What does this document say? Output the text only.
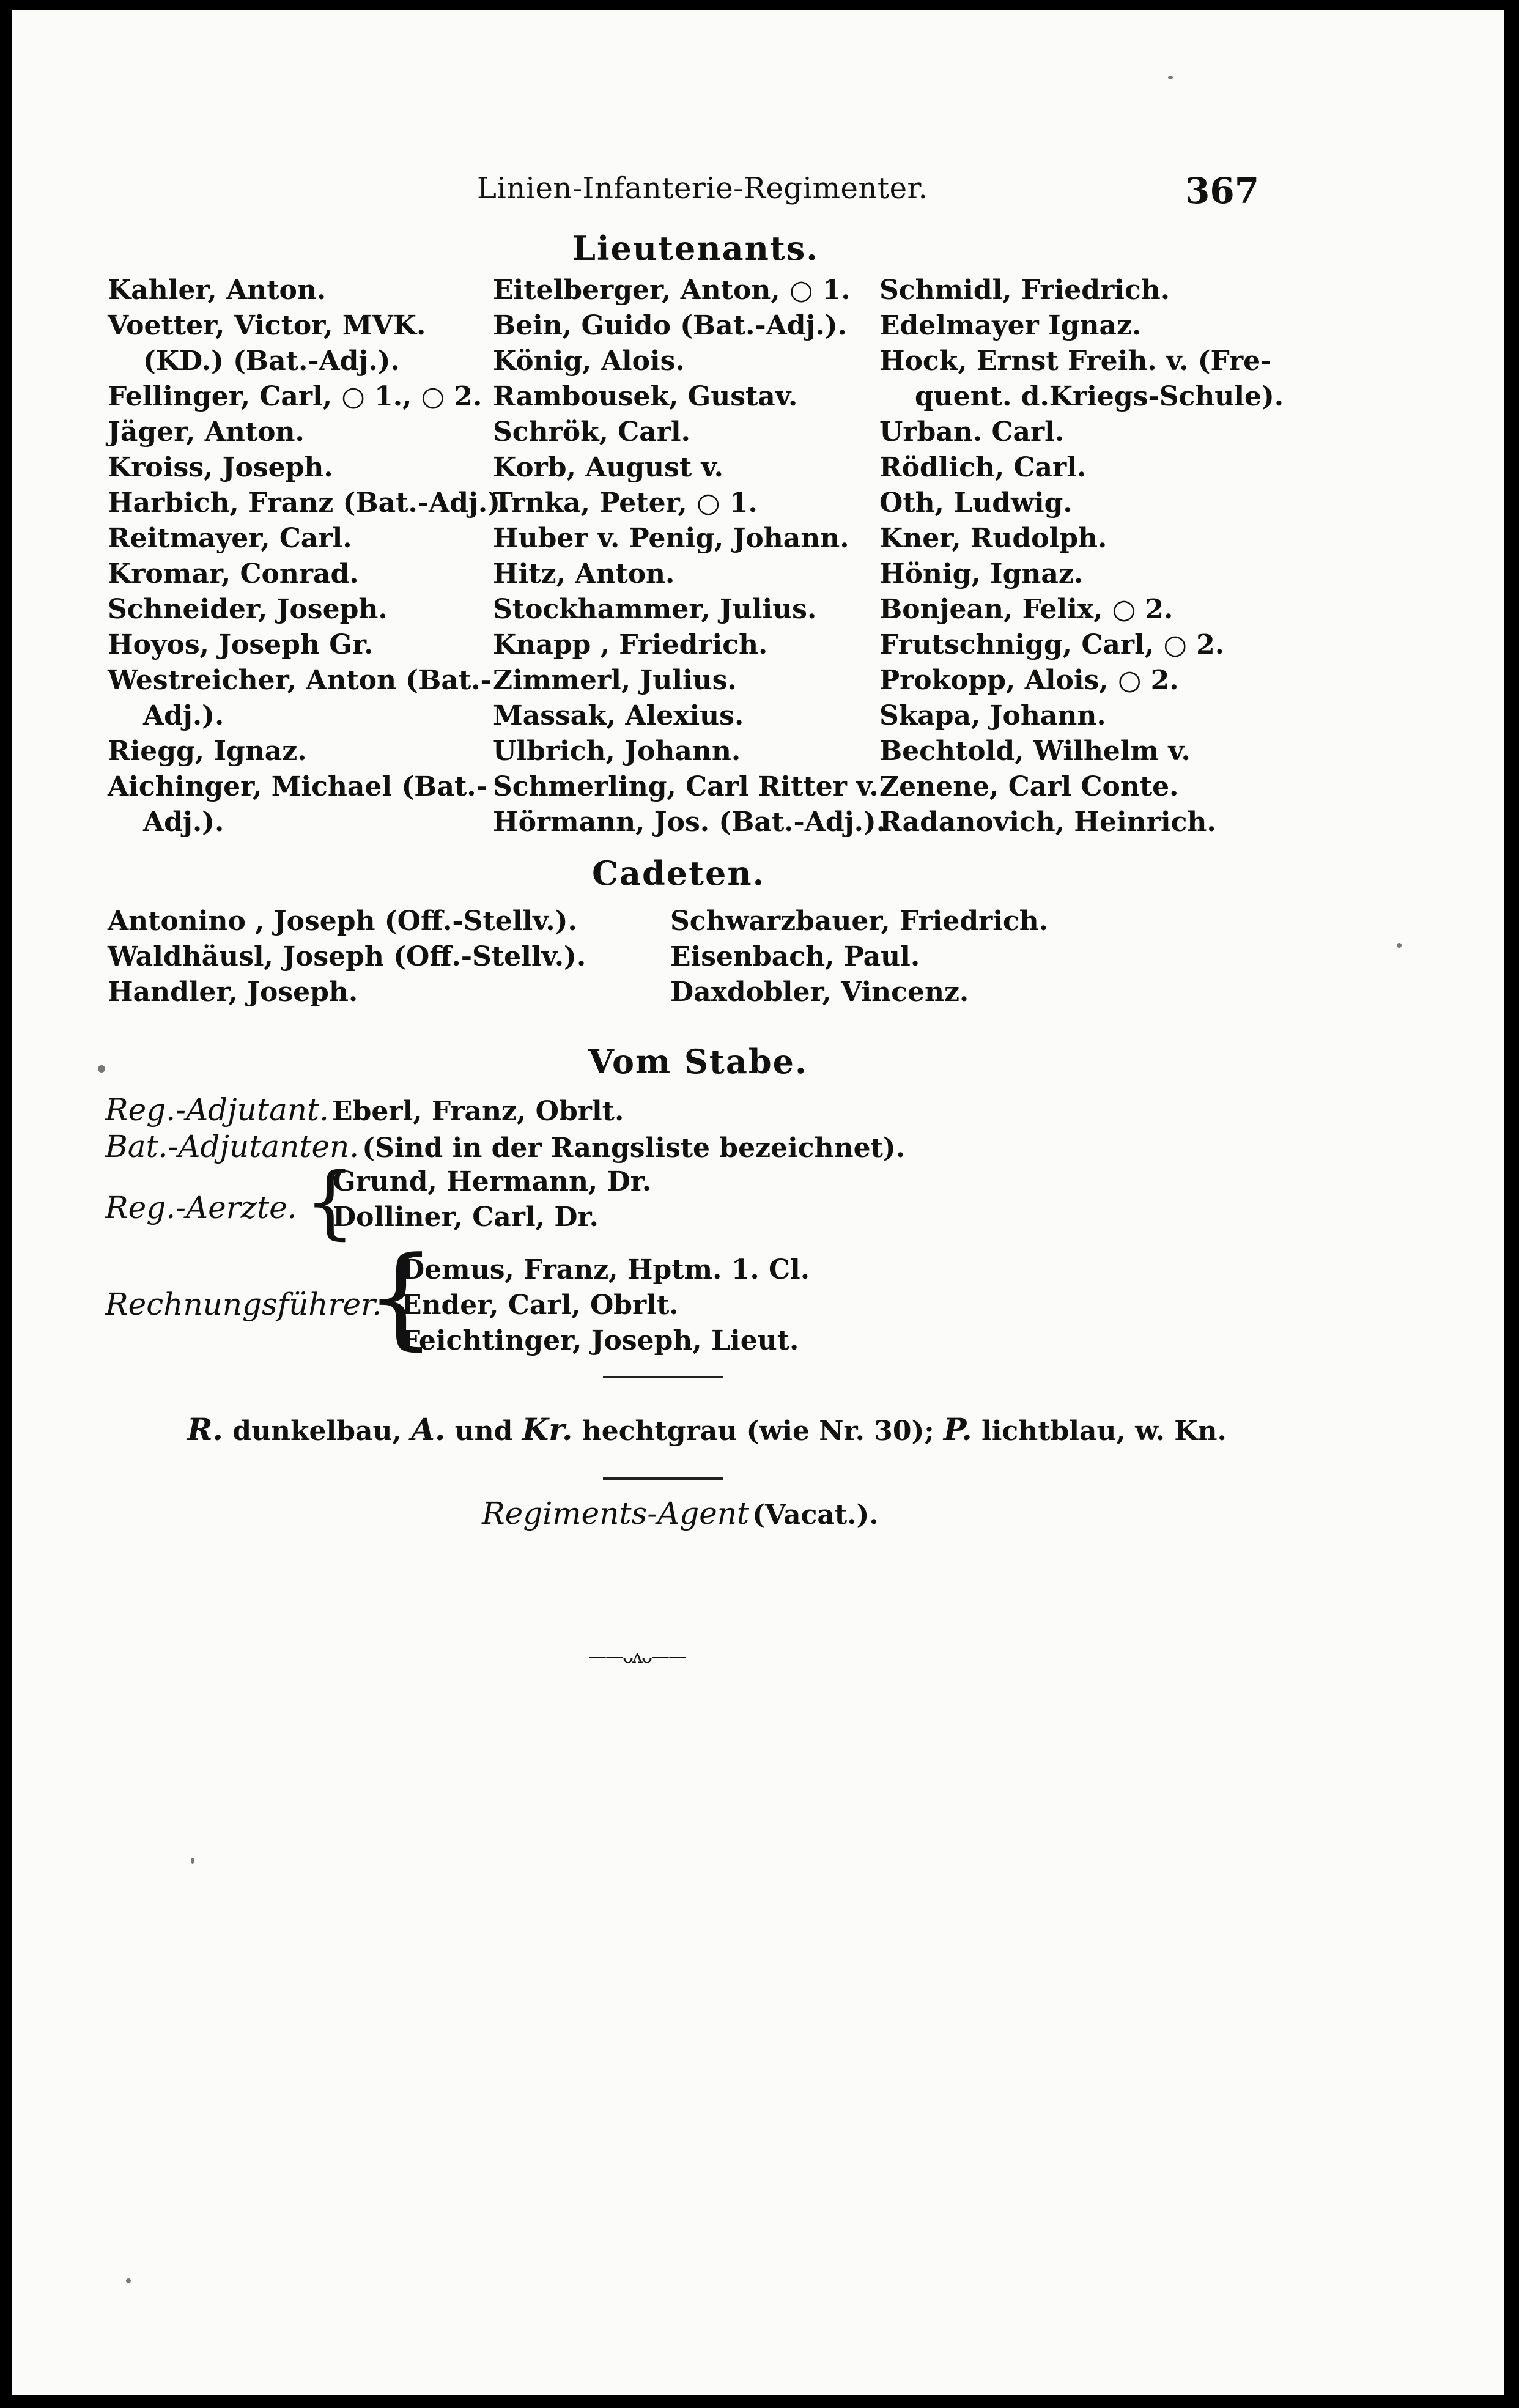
Linien-Infanterie-Regimenter.	367
Lieutenants.
Kahler, Anton.
Voetter, Victor, MVK.
(KD.) (Bat.-Adj.).
Fellinger, Carl, ○ 1., ○ 2.
Jäger, Anton.
Kroiss, Joseph.
Harbich, Franz (Bat.-Adj.).
Reitmayer, Carl.
Kromar, Conrad.
Schneider, Joseph.
Hoyos, Joseph Gr.
Westreicher, Anton (Bat.-
Adj.).
Riegg, Ignaz.
Aichinger, Michael (Bat.-
Adj.).
Eitelberger, Anton, ○ 1.
Bein, Guido (Bat.-Adj.).
König, Alois.
Rambousek, Gustav.
Schrök, Carl.
Korb, August v.
Trnka, Peter, ○ 1.
Huber v. Penig, Johann.
Hitz, Anton.
Stockhammer, Julius.
Knapp , Friedrich.
Zimmerl, Julius.
Massak, Alexius.
Ulbrich, Johann.
Schmerling, Carl Ritter v.
Hörmann, Jos. (Bat.-Adj.).
Schmidl, Friedrich.
Edelmayer Ignaz.
Hock, Ernst Freih. v. (Fre-
quent. d.Kriegs-Schule).
Urban. Carl.
Rödlich, Carl.
Oth, Ludwig.
Kner, Rudolph.
Hönig, Ignaz.
Bonjean, Felix, ○ 2.
Frutschnigg, Carl, ○ 2.
Prokopp, Alois, ○ 2.
Skapa, Johann.
Bechtold, Wilhelm v.
Zenene, Carl Conte.
Radanovich, Heinrich.
Cadeten.
Antonino , Joseph (Off.-Stellv.).
Waldhäusl, Joseph (Off.-Stellv.).
Handler, Joseph.
Schwarzbauer, Friedrich.
Eisenbach, Paul.
Daxdobler, Vincenz.
Vom Stabe.
Reg.-Adjutant. Eberl, Franz, Obrlt.
Bat.-Adjutanten. (Sind in der Rangsliste bezeichnet).
Reg.-Aerzte. {
Grund, Hermann, Dr.
Dolliner, Carl, Dr.
Rechnungsführer.
{
Demus, Franz, Hptm. 1. Cl.
Ender, Carl, Obrlt.
Feichtinger, Joseph, Lieut.
R. dunkelbau, A. und Kr. hechtgrau (wie Nr. 30); P. lichtblau, w. Kn.
Regiments-Agent (Vacat.).
——ᴗᴧᴗ——
